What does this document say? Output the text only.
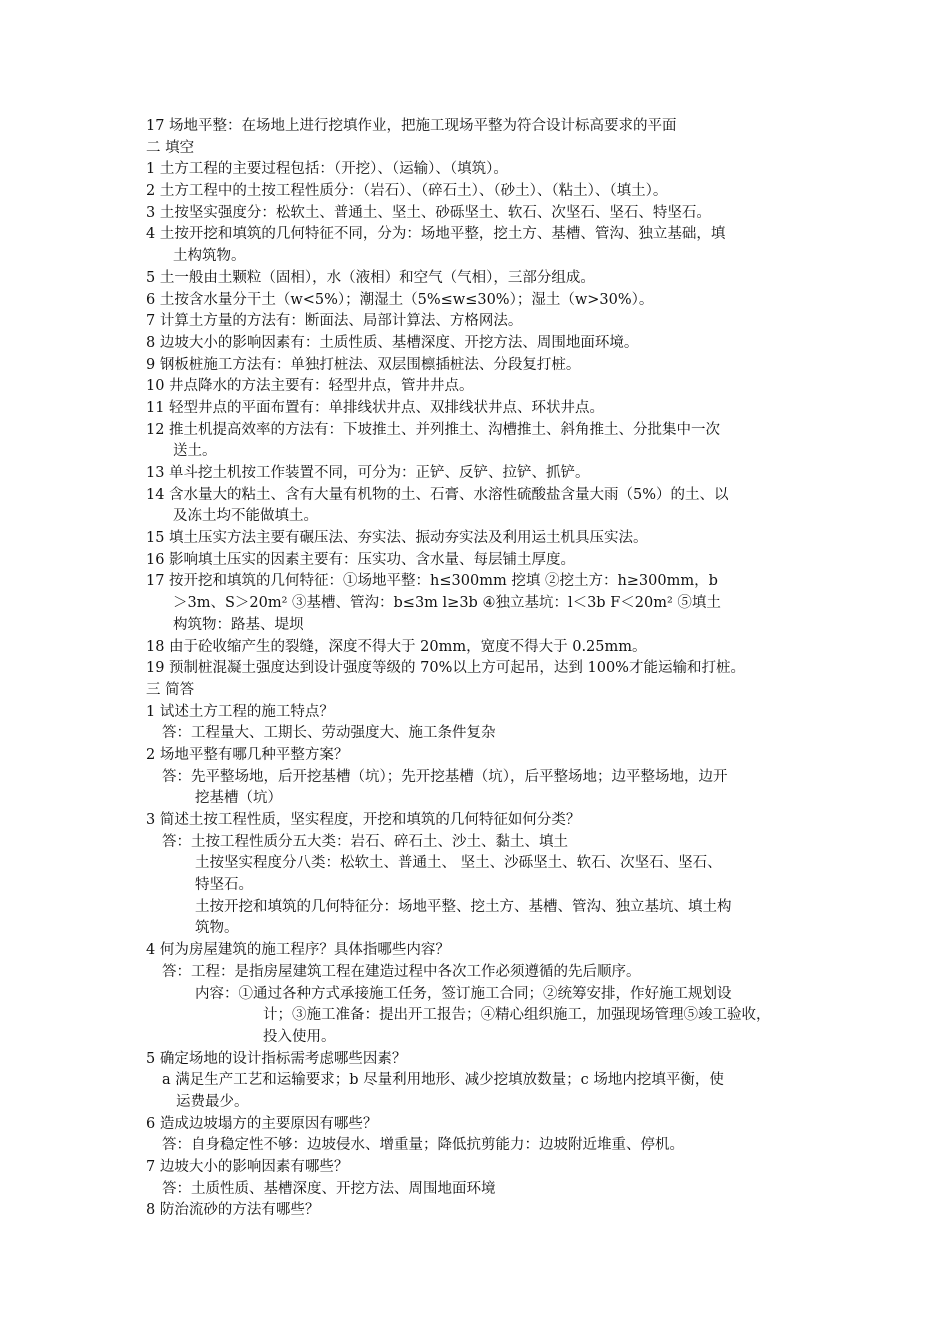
17 场地平整：在场地上进行挖填作业，把施工现场平整为符合设计标高要求的平面
二 填空
1 土方工程的主要过程包括：（开挖）、（运输）、（填筑）。
2 土方工程中的土按工程性质分：（岩石）、（碎石土）、（砂土）、（粘土）、（填土）。
3 土按坚实强度分：松软土、普通土、坚土、砂砾坚土、软石、次坚石、坚石、特坚石。
4 土按开挖和填筑的几何特征不同，分为：场地平整，挖土方、基槽、管沟、独立基础，填
土构筑物。
5 土一般由土颗粒（固相），水（液相）和空气（气相），三部分组成。
6 土按含水量分干土（w<5%）；潮湿土（5%≤w≤30%）；湿土（w>30%）。
7 计算土方量的方法有：断面法、局部计算法、方格网法。
8 边坡大小的影响因素有：土质性质、基槽深度、开挖方法、周围地面环境。
9 钢板桩施工方法有：单独打桩法、双层围檩插桩法、分段复打桩。
10 井点降水的方法主要有：轻型井点，管井井点。
11 轻型井点的平面布置有：单排线状井点、双排线状井点、环状井点。
12 推土机提高效率的方法有：下坡推土、并列推土、沟槽推土、斜角推土、分批集中一次
送土。
13 单斗挖土机按工作装置不同，可分为：正铲、反铲、拉铲、抓铲。
14 含水量大的粘土、含有大量有机物的土、石膏、水溶性硫酸盐含量大雨（5%）的土、以
及冻土均不能做填土。
15 填土压实方法主要有碾压法、夯实法、振动夯实法及利用运土机具压实法。
16 影响填土压实的因素主要有：压实功、含水量、每层铺土厚度。
17 按开挖和填筑的几何特征：①场地平整：h≤300mm 挖填 ②挖土方：h≥300mm，b
＞3m、S＞20m² ③基槽、管沟：b≤3m l≥3b ④独立基坑：l＜3b F＜20m² ⑤填土
构筑物：路基、堤坝
18 由于砼收缩产生的裂缝，深度不得大于 20mm，宽度不得大于 0.25mm。
19 预制桩混凝土强度达到设计强度等级的 70%以上方可起吊，达到 100%才能运输和打桩。
三 简答
1 试述土方工程的施工特点？
答：工程量大、工期长、劳动强度大、施工条件复杂
2 场地平整有哪几种平整方案？
答：先平整场地，后开挖基槽（坑）；先开挖基槽（坑），后平整场地；边平整场地，边开
挖基槽（坑）
3 简述土按工程性质，坚实程度，开挖和填筑的几何特征如何分类？
答：土按工程性质分五大类：岩石、碎石土、沙土、黏土、填土
土按坚实程度分八类：松软土、普通土、 坚土、沙砾坚土、软石、次坚石、坚石、
特坚石。
土按开挖和填筑的几何特征分：场地平整、挖土方、基槽、管沟、独立基坑、填土构
筑物。
4 何为房屋建筑的施工程序？具体指哪些内容？
答：工程：是指房屋建筑工程在建造过程中各次工作必须遵循的先后顺序。
内容：①通过各种方式承接施工任务，签订施工合同；②统筹安排，作好施工规划设
计；③施工准备：提出开工报告；④精心组织施工，加强现场管理⑤竣工验收，
投入使用。
5 确定场地的设计指标需考虑哪些因素？
a 满足生产工艺和运输要求；b 尽量利用地形、减少挖填放数量；c 场地内挖填平衡，使
运费最少。
6 造成边坡塌方的主要原因有哪些？
答：自身稳定性不够：边坡侵水、增重量；降低抗剪能力：边坡附近堆重、停机。
7 边坡大小的影响因素有哪些？
答：土质性质、基槽深度、开挖方法、周围地面环境
8 防治流砂的方法有哪些？
